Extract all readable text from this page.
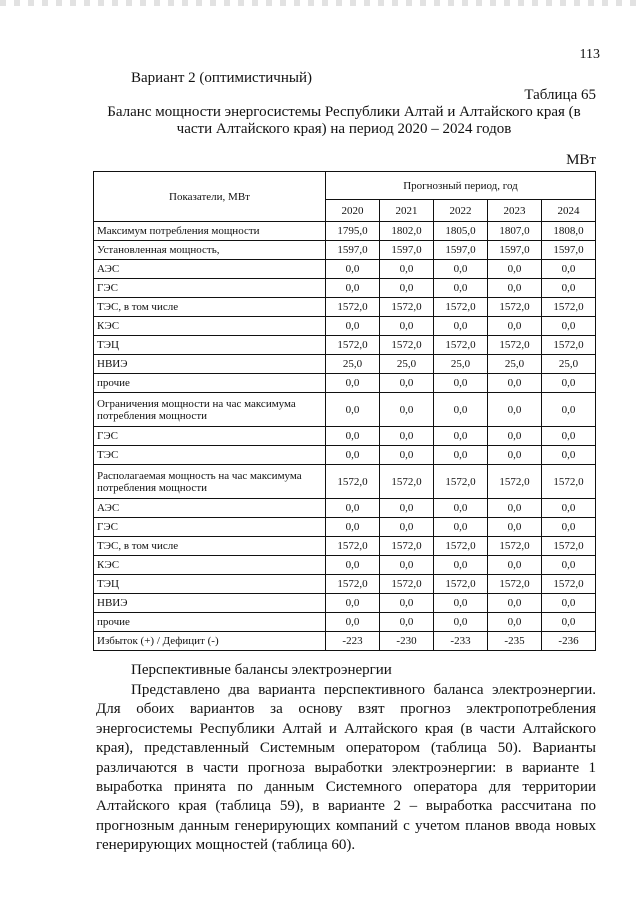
113
Вариант 2 (оптимистичный)
Таблица 65
Баланс мощности энергосистемы Республики Алтай и Алтайского края (в части Алтайского края) на период 2020 – 2024 годов
МВт
Показатели, МВт	Прогнозный период, год				
	2020	2021	2022	2023	2024
Максимум потребления мощности	1795,0	1802,0	1805,0	1807,0	1808,0
Установленная мощность,	1597,0	1597,0	1597,0	1597,0	1597,0
АЭС	0,0	0,0	0,0	0,0	0,0
ГЭС	0,0	0,0	0,0	0,0	0,0
ТЭС, в том числе	1572,0	1572,0	1572,0	1572,0	1572,0
КЭС	0,0	0,0	0,0	0,0	0,0
ТЭЦ	1572,0	1572,0	1572,0	1572,0	1572,0
НВИЭ	25,0	25,0	25,0	25,0	25,0
прочие	0,0	0,0	0,0	0,0	0,0
Ограничения мощности на час максимума потребления мощности	0,0	0,0	0,0	0,0	0,0
ГЭС	0,0	0,0	0,0	0,0	0,0
ТЭС	0,0	0,0	0,0	0,0	0,0
Располагаемая мощность на час максимума потребления мощности	1572,0	1572,0	1572,0	1572,0	1572,0
АЭС	0,0	0,0	0,0	0,0	0,0
ГЭС	0,0	0,0	0,0	0,0	0,0
ТЭС, в том числе	1572,0	1572,0	1572,0	1572,0	1572,0
КЭС	0,0	0,0	0,0	0,0	0,0
ТЭЦ	1572,0	1572,0	1572,0	1572,0	1572,0
НВИЭ	0,0	0,0	0,0	0,0	0,0
прочие	0,0	0,0	0,0	0,0	0,0
Избыток (+) / Дефицит (-)	-223	-230	-233	-235	-236
Перспективные балансы электроэнергии

Представлено два варианта перспективного баланса электроэнергии. Для обоих вариантов за основу взят прогноз электропотребления энергосистемы Республики Алтай и Алтайского края (в части Алтайского края), представленный Системным оператором (таблица 50). Варианты различаются в части прогноза выработки электроэнергии: в варианте 1 выработка принята по данным Системного оператора для территории Алтайского края (таблица 59), в варианте 2 – выработка рассчитана по прогнозным данным генерирующих компаний с учетом планов ввода новых генерирующих мощностей (таблица 60).
